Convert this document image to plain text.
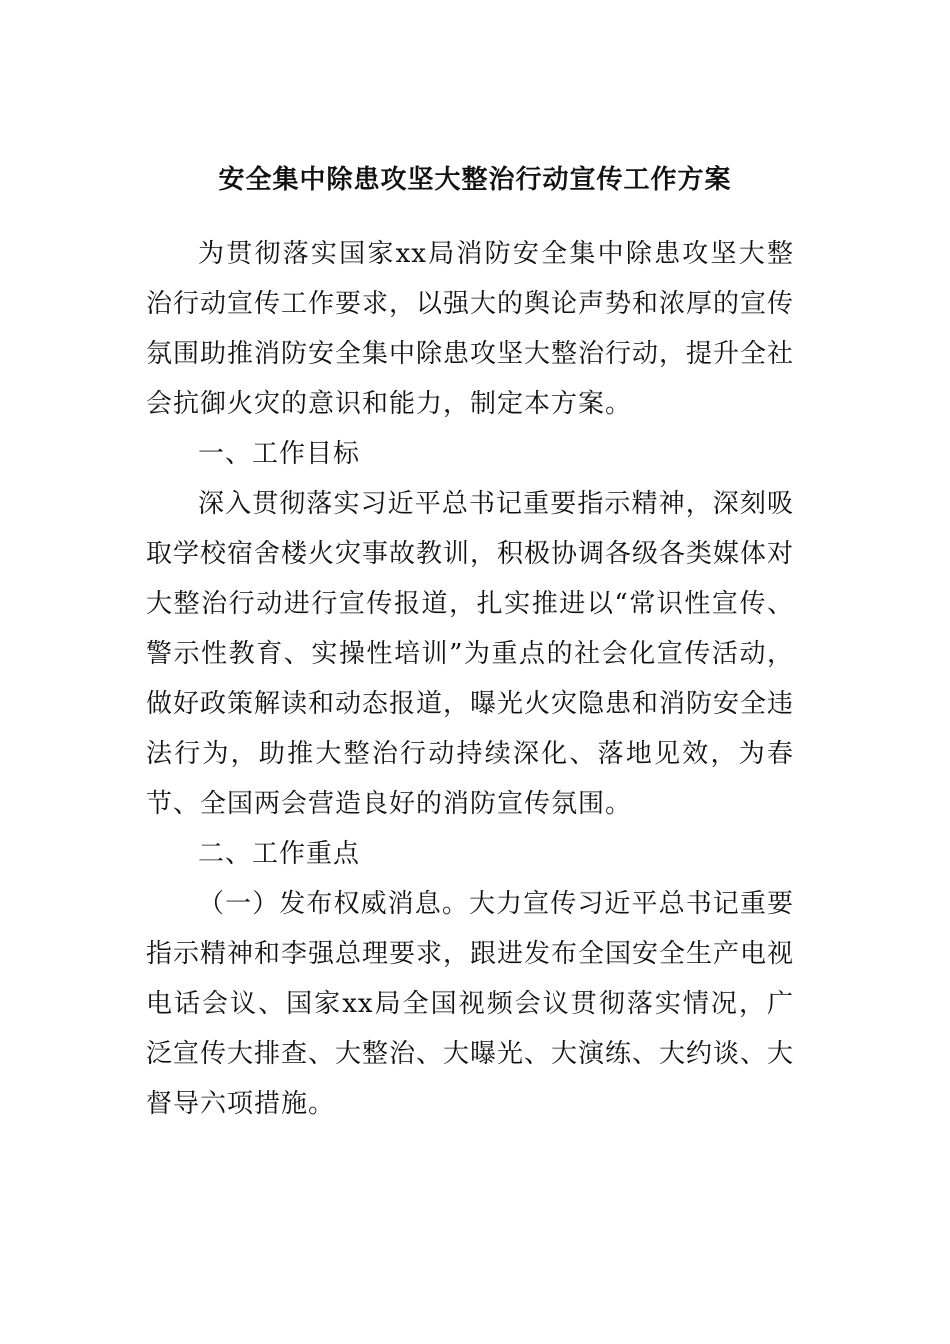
安全集中除患攻坚大整治行动宣传工作方案

为贯彻落实国家xx局消防安全集中除患攻坚大整治行动宣传工作要求，以强大的舆论声势和浓厚的宣传氛围助推消防安全集中除患攻坚大整治行动，提升全社会抗御火灾的意识和能力，制定本方案。

一、工作目标

深入贯彻落实习近平总书记重要指示精神，深刻吸取学校宿舍楼火灾事故教训，积极协调各级各类媒体对大整治行动进行宣传报道，扎实推进以“常识性宣传、警示性教育、实操性培训”为重点的社会化宣传活动，做好政策解读和动态报道，曝光火灾隐患和消防安全违法行为，助推大整治行动持续深化、落地见效，为春节、全国两会营造良好的消防宣传氛围。

二、工作重点

（一）发布权威消息。大力宣传习近平总书记重要指示精神和李强总理要求，跟进发布全国安全生产电视电话会议、国家xx局全国视频会议贯彻落实情况，广泛宣传大排查、大整治、大曝光、大演练、大约谈、大督导六项措施。
